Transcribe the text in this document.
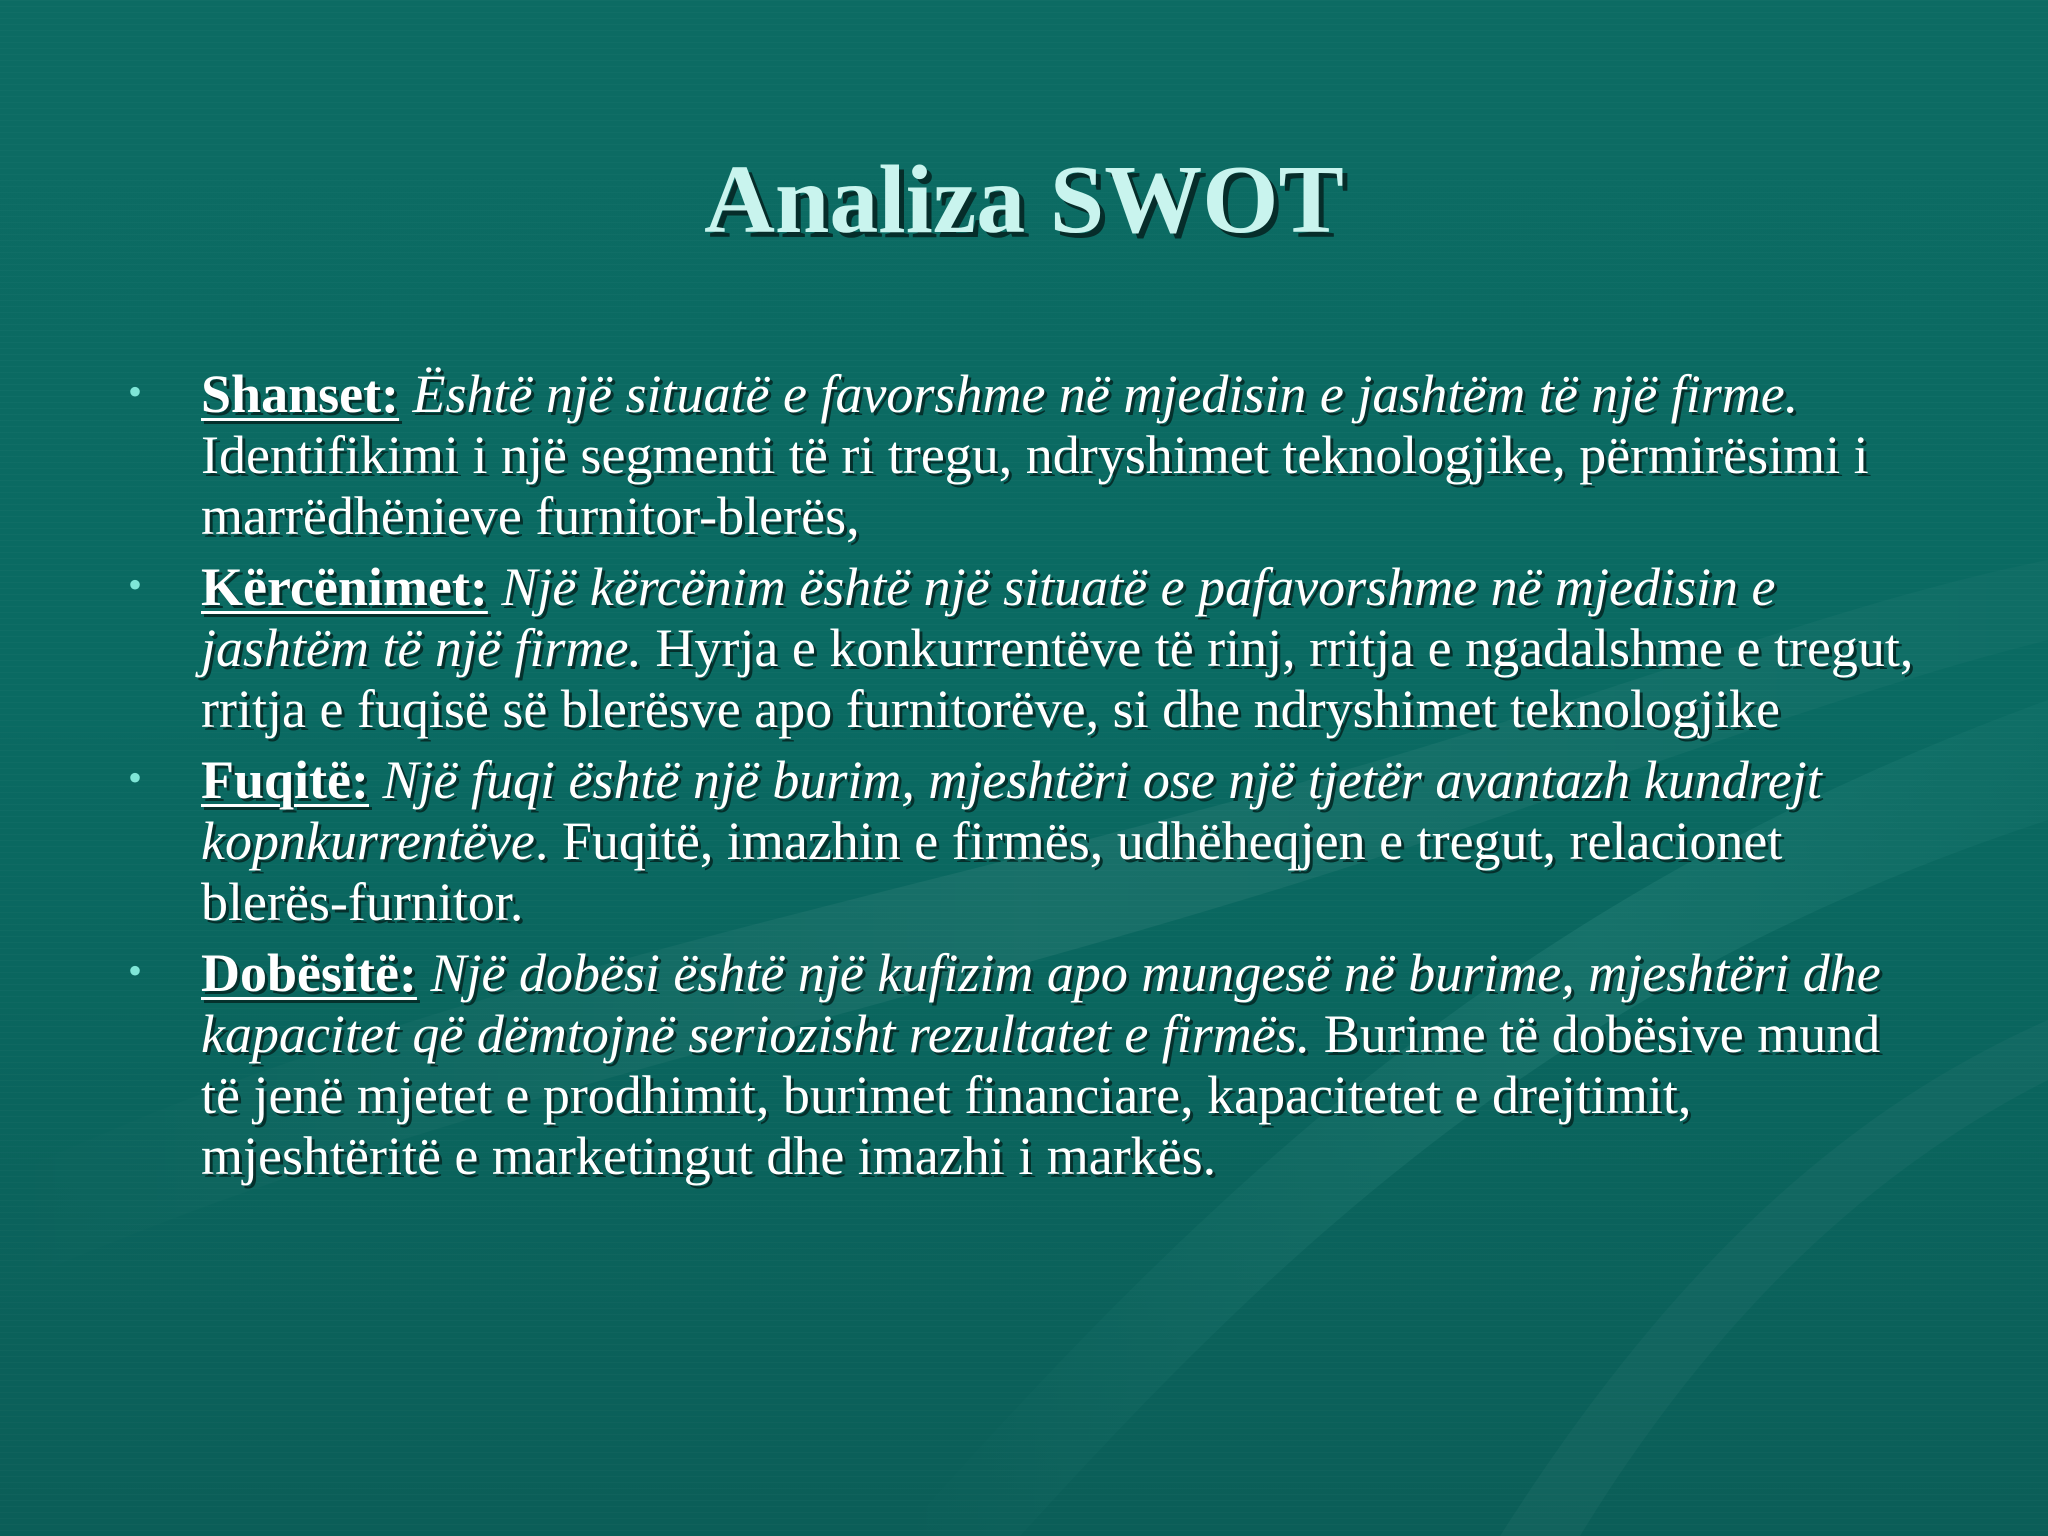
Analiza SWOT
• Shanset: Është një situatë e favorshme në mjedisin e jashtëm të një firme. Identifikimi i një segmenti të ri tregu, ndryshimet teknologjike, përmirësimi i marrëdhënieve furnitor-blerës,
• Kërcënimet: Një kërcënim është një situatë e pafavorshme në mjedisin e jashtëm të një firme. Hyrja e konkurrentëve të rinj, rritja e ngadalshme e tregut, rritja e fuqisë së blerësve apo furnitorëve, si dhe ndryshimet teknologjike
• Fuqitë: Një fuqi është një burim, mjeshtëri ose një tjetër avantazh kundrejt kopnkurrentëve. Fuqitë, imazhin e firmës, udhëheqjen e tregut, relacionet blerës-furnitor.
• Dobësitë: Një dobësi është një kufizim apo mungesë në burime, mjeshtëri dhe kapacitet që dëmtojnë seriozisht rezultatet e firmës. Burime të dobësive mund të jenë mjetet e prodhimit, burimet financiare, kapacitetet e drejtimit, mjeshtëritë e marketingut dhe imazhi i markës.
